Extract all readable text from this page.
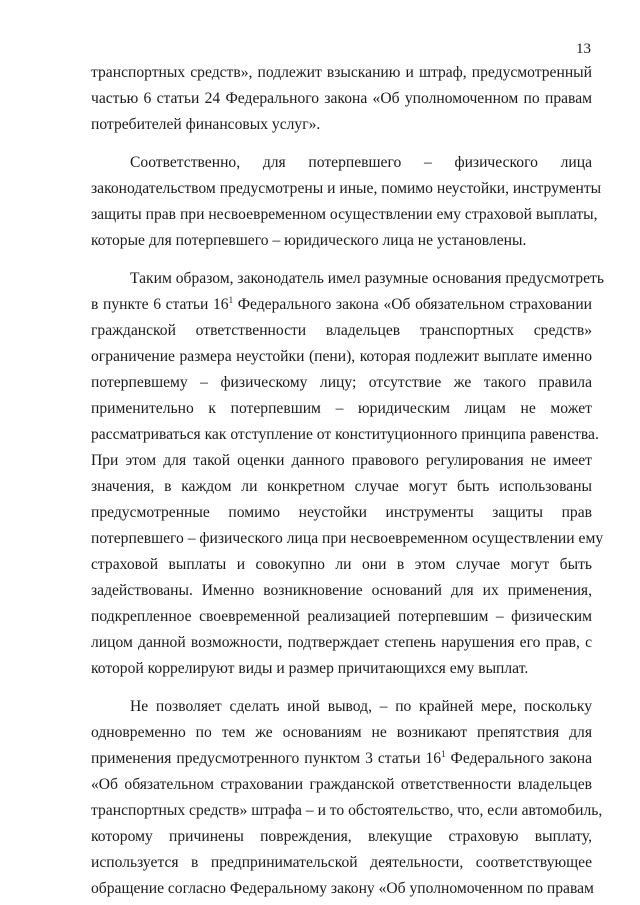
13
транспортных средств», подлежит взысканию и штраф, предусмотренный
частью 6 статьи 24 Федерального закона «Об уполномоченном по правам
потребителей финансовых услуг».
Соответственно, для потерпевшего – физического лица
законодательством предусмотрены и иные, помимо неустойки, инструменты
защиты прав при несвоевременном осуществлении ему страховой выплаты,
которые для потерпевшего – юридического лица не установлены.
Таким образом, законодатель имел разумные основания предусмотреть
в пункте 6 статьи $16^1$ Федерального закона «Об обязательном страховании
гражданской ответственности владельцев транспортных средств»
ограничение размера неустойки (пени), которая подлежит выплате именно
потерпевшему – физическому лицу; отсутствие же такого правила
применительно к потерпевшим – юридическим лицам не может
рассматриваться как отступление от конституционного принципа равенства.
При этом для такой оценки данного правового регулирования не имеет
значения, в каждом ли конкретном случае могут быть использованы
предусмотренные помимо неустойки инструменты защиты прав
потерпевшего – физического лица при несвоевременном осуществлении ему
страховой выплаты и совокупно ли они в этом случае могут быть
задействованы. Именно возникновение оснований для их применения,
подкрепленное своевременной реализацией потерпевшим – физическим
лицом данной возможности, подтверждает степень нарушения его прав, с
которой коррелируют виды и размер причитающихся ему выплат.
Не позволяет сделать иной вывод, – по крайней мере, поскольку
одновременно по тем же основаниям не возникают препятствия для
применения предусмотренного пунктом 3 статьи $16^1$ Федерального закона
«Об обязательном страховании гражданской ответственности владельцев
транспортных средств» штрафа – и то обстоятельство, что, если автомобиль,
которому причинены повреждения, влекущие страховую выплату,
используется в предпринимательской деятельности, соответствующее
обращение согласно Федеральному закону «Об уполномоченном по правам
